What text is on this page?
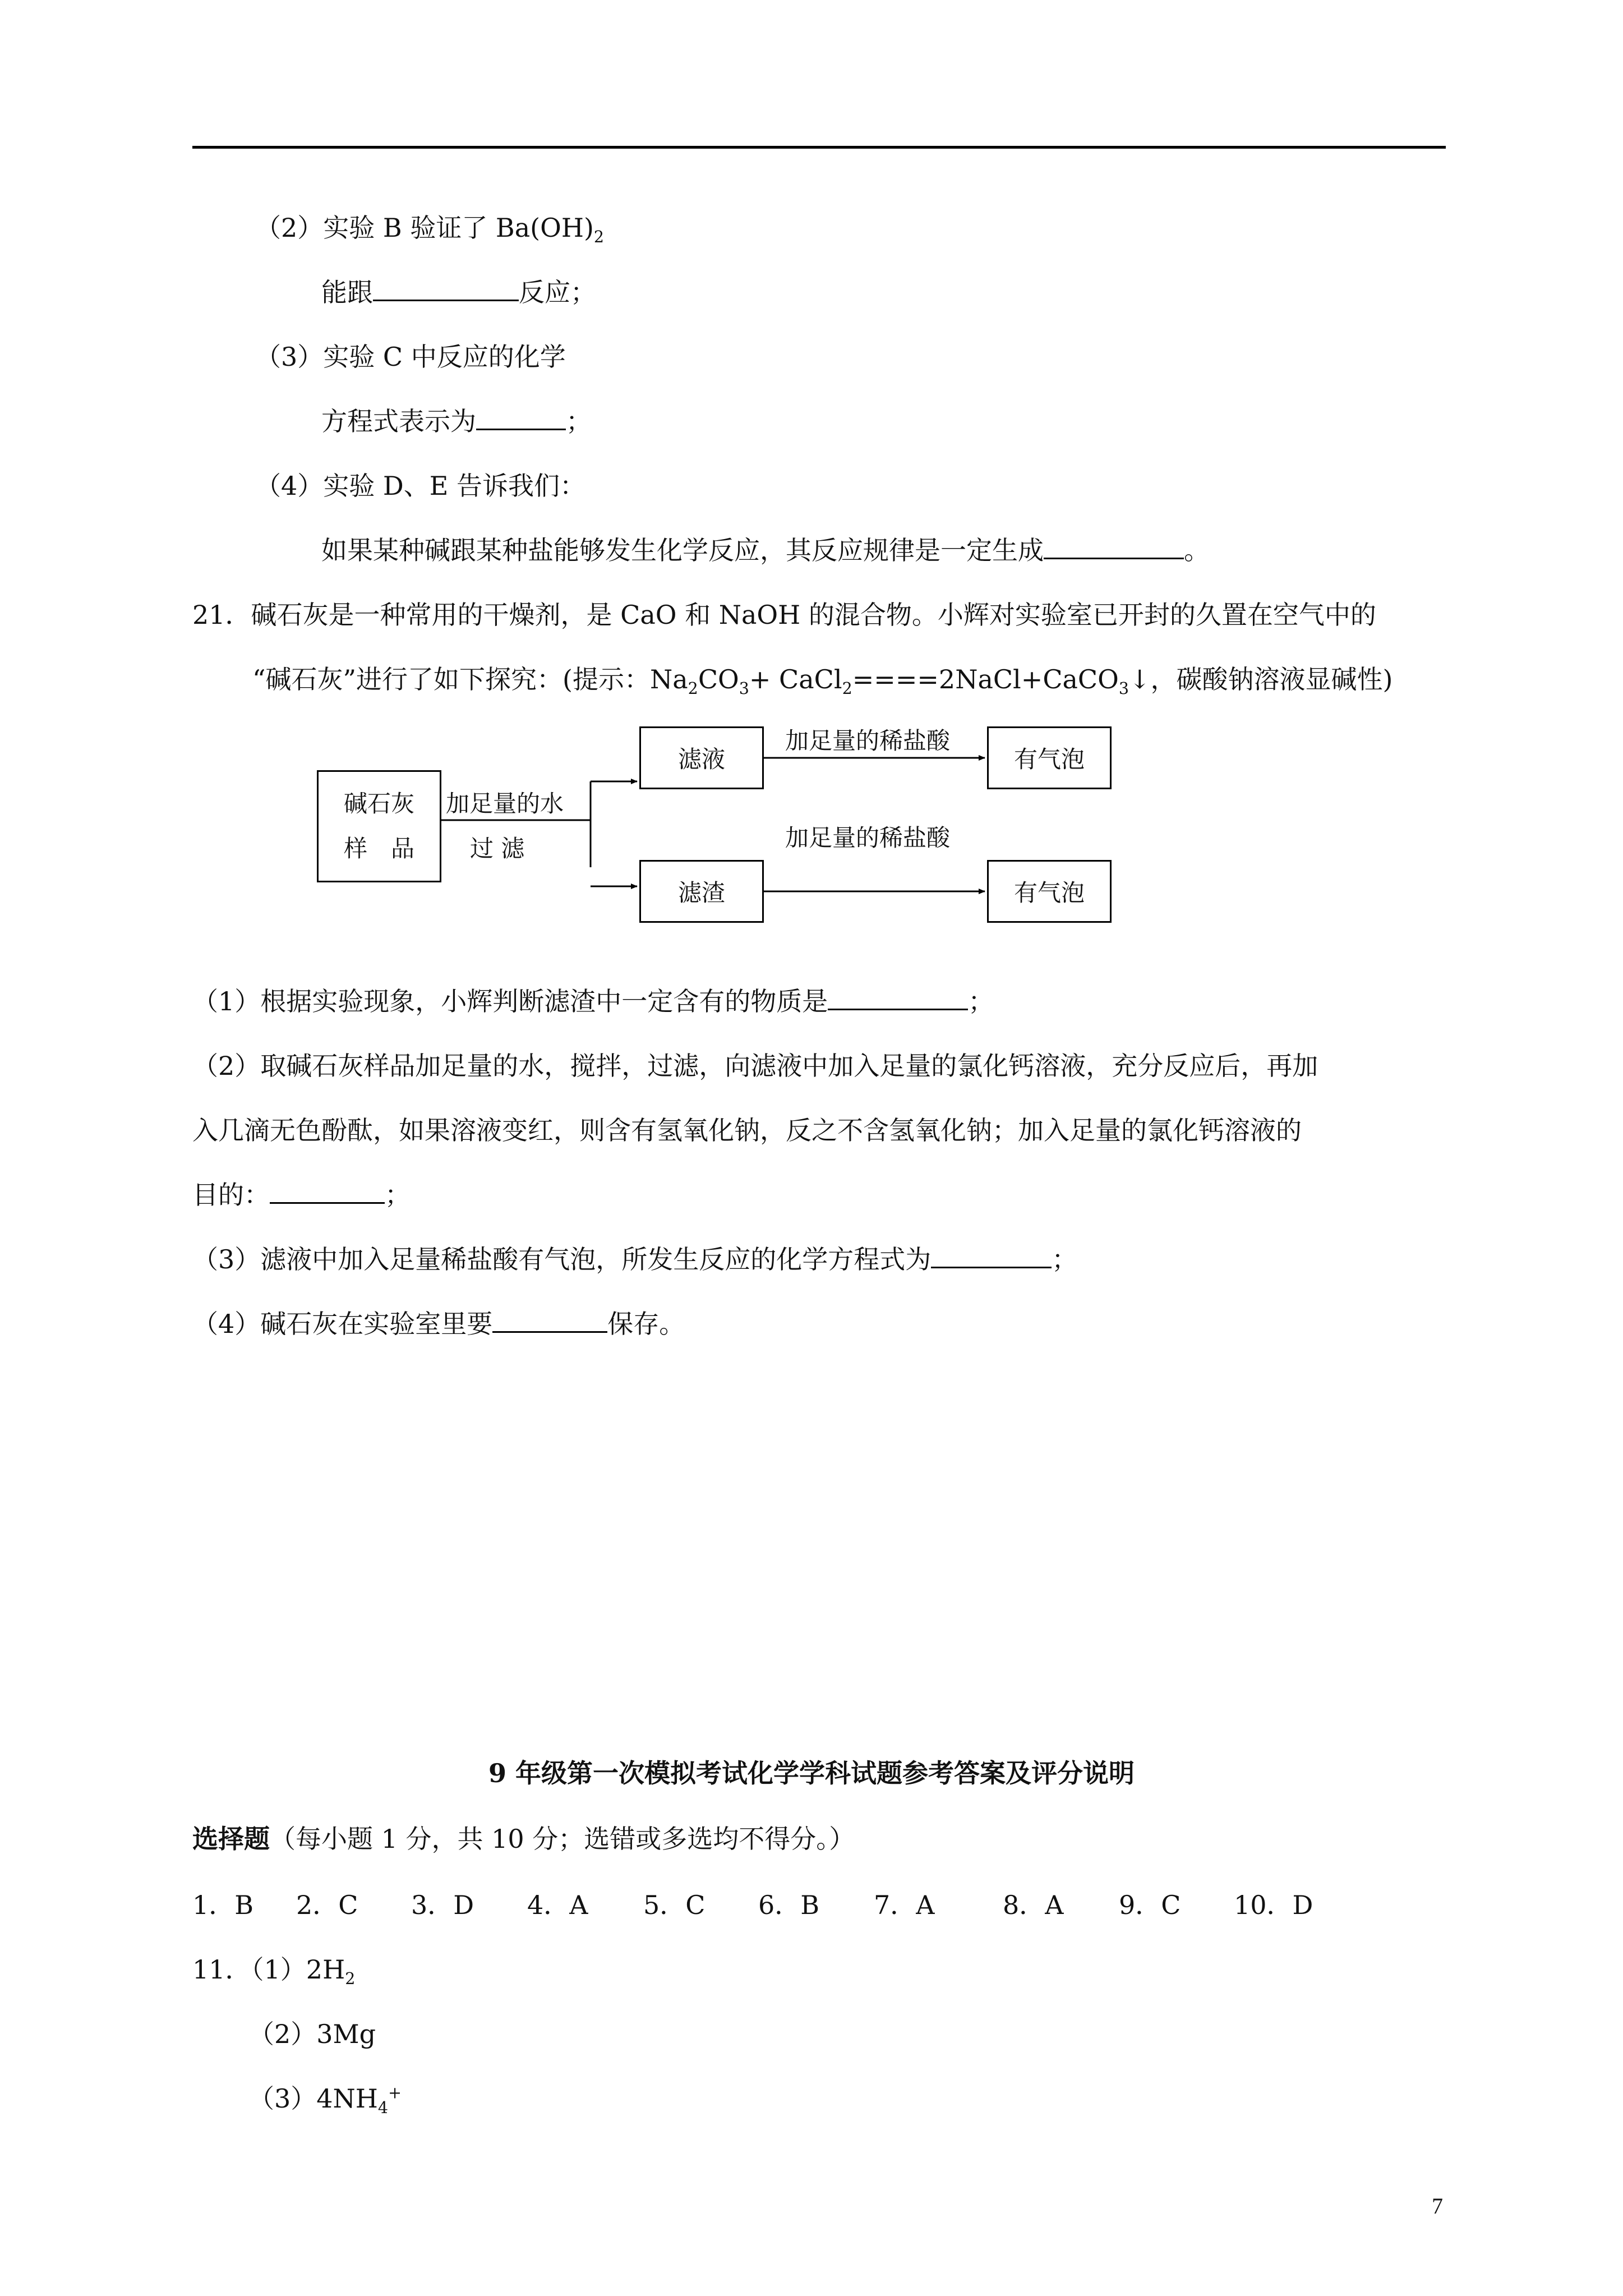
（2）实验 B 验证了 $Ba(OH)_2$
能跟	反应；
（3）实验 C 中反应的化学
方程式表示为	；
（4）实验 D、E 告诉我们：
如果某种碱跟某种盐能够发生化学反应，其反应规律是一定生成	。
21．碱石灰是一种常用的干燥剂，是 CaO 和 NaOH 的混合物。小辉对实验室已开封的久置在空气中的
“碱石灰”进行了如下探究：(提示：$Na_2CO_3+$ CaCl$_2$====2NaCl+CaCO$_3$↓，碳酸钠溶液显碱性)
碱石灰
样　品
加足量的水
过 滤
滤液
滤渣
有气泡
有气泡
加足量的稀盐酸
加足量的稀盐酸
（1）根据实验现象，小辉判断滤渣中一定含有的物质是	；
（2）取碱石灰样品加足量的水，搅拌，过滤，向滤液中加入足量的氯化钙溶液，充分反应后，再加
入几滴无色酚酞，如果溶液变红，则含有氢氧化钠，反之不含氢氧化钠；加入足量的氯化钙溶液的
目的：	；
（3）滤液中加入足量稀盐酸有气泡，所发生反应的化学方程式为	；
（4）碱石灰在实验室里要	保存。
9 年级第一次模拟考试化学学科试题参考答案及评分说明
选择题（每小题 1 分，共 10 分；选错或多选均不得分。）
1．B 2．C 3．D 4．A 5．C 6．B 7．A	8．A 9．C 10．D
11．$(1)2H_2$
（2）3Mg
$(3)4NH_4^+$
7
